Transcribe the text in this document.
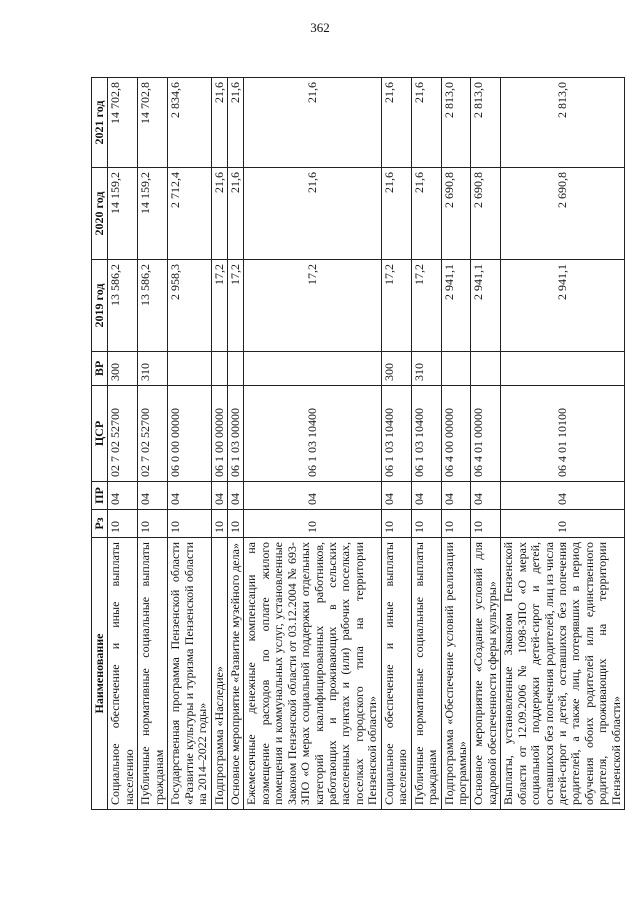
362
Наименование	Рз	ПР	ЦСР	ВР	2019 год	2020 год	2021 год
Социальное обеспечение и иные выплаты населению	10	04	02 7 02 52700	300	13 586,2	14 159,2	14 702,8
Публичные нормативные социальные выплаты гражданам	10	04	02 7 02 52700	310	13 586,2	14 159,2	14 702,8
Государственная программа Пензенской области «Развитие культуры и туризма Пензенской области на 2014–2022 годы»	10	04	06 0 00 00000		2 958,3	2 712,4	2 834,6
Подпрограмма «Наследие»	10	04	06 1 00 00000		17,2	21,6	21,6
Основное мероприятие «Развитие музейного дела»	10	04	06 1 03 00000		17,2	21,6	21,6
Ежемесячные денежные компенсации на возмещение расходов по оплате жилого помещения и коммунальных услуг, установленные Законом Пензенской области от 03.12.2004 № 693-ЗПО «О мерах социальной поддержки отдельных категорий квалифицированных работников, работающих и проживающих в сельских населенных пунктах и (или) рабочих поселках, поселках городского типа на территории Пензенской области»	10	04	06 1 03 10400		17,2	21,6	21,6
Социальное обеспечение и иные выплаты населению	10	04	06 1 03 10400	300	17,2	21,6	21,6
Публичные нормативные социальные выплаты гражданам	10	04	06 1 03 10400	310	17,2	21,6	21,6
Подпрограмма «Обеспечение условий реализации программы»	10	04	06 4 00 00000		2 941,1	2 690,8	2 813,0
Основное мероприятие «Создание условий для кадровой обеспеченности сферы культуры»	10	04	06 4 01 00000		2 941,1	2 690,8	2 813,0
Выплаты, установленные Законом Пензенской области от 12.09.2006 № 1098-ЗПО «О мерах социальной поддержки детей-сирот и детей, оставшихся без попечения родителей, лиц из числа детей-сирот и детей, оставшихся без попечения родителей, а также лиц, потерявших в период обучения обоих родителей или единственного родителя, проживающих на территории Пензенской области»	10	04	06 4 01 10100		2 941,1	2 690,8	2 813,0
